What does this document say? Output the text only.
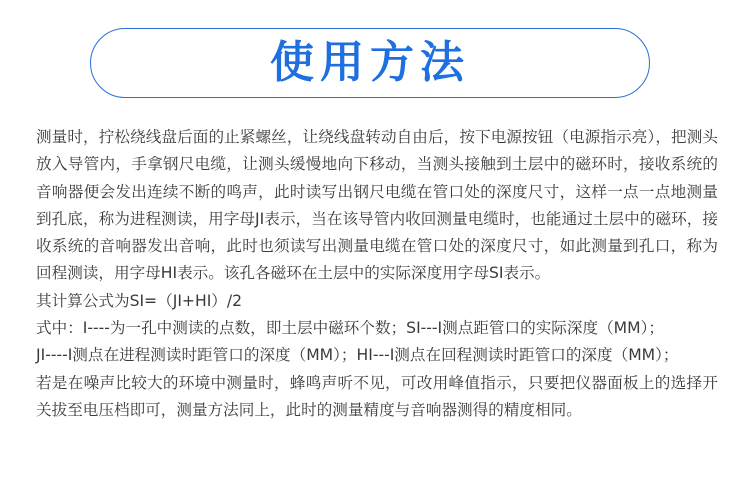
使用方法

测量时，拧松绕线盘后面的止紧螺丝，让绕线盘转动自由后，按下电源按钮（电源指示亮），把测头放入导管内，手拿钢尺电缆，让测头缓慢地向下移动，当测头接触到土层中的磁环时，接收系统的音响器便会发出连续不断的鸣声，此时读写出钢尺电缆在管口处的深度尺寸，这样一点一点地测量到孔底，称为进程测读，用字母JI表示，当在该导管内收回测量电缆时，也能通过土层中的磁环，接收系统的音响器发出音响，此时也须读写出测量电缆在管口处的深度尺寸，如此测量到孔口，称为回程测读，用字母HI表示。该孔各磁环在土层中的实际深度用字母SI表示。

其计算公式为SI=（JI+HI）/2

式中：I----为一孔中测读的点数，即土层中磁环个数；SI---I测点距管口的实际深度（MM）；

JI----I测点在进程测读时距管口的深度（MM）；HI---I测点在回程测读时距管口的深度（MM）；

若是在噪声比较大的环境中测量时，蜂鸣声听不见，可改用峰值指示，只要把仪器面板上的选择开关拔至电压档即可，测量方法同上，此时的测量精度与音响器测得的精度相同。
